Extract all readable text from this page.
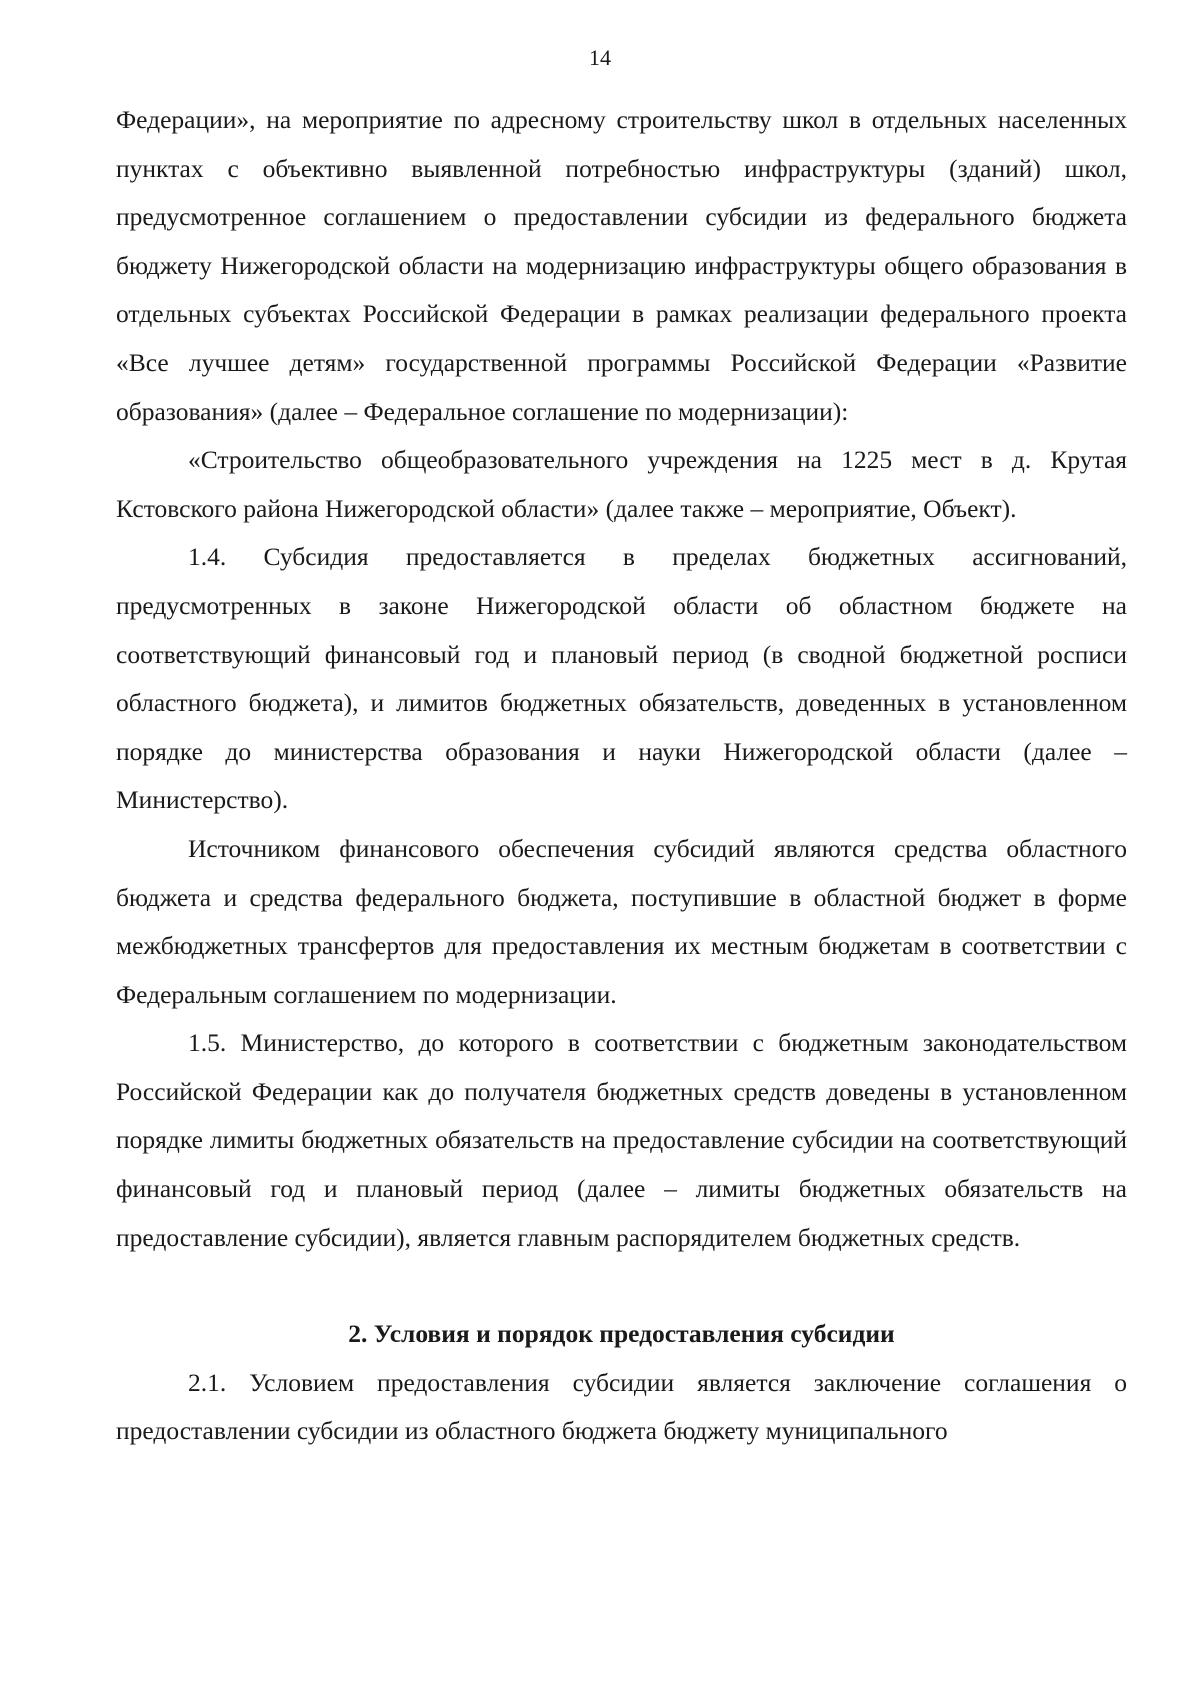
14

Федерации», на мероприятие по адресному строительству школ в отдельных населенных пунктах с объективно выявленной потребностью инфраструктуры (зданий) школ, предусмотренное соглашением о предоставлении субсидии из федерального бюджета бюджету Нижегородской области на модернизацию инфраструктуры общего образования в отдельных субъектах Российской Федерации в рамках реализации федерального проекта «Все лучшее детям» государственной программы Российской Федерации «Развитие образования» (далее – Федеральное соглашение по модернизации):

«Строительство общеобразовательного учреждения на 1225 мест в д. Крутая Кстовского района Нижегородской области» (далее также – мероприятие, Объект).

1.4. Субсидия предоставляется в пределах бюджетных ассигнований, предусмотренных в законе Нижегородской области об областном бюджете на соответствующий финансовый год и плановый период (в сводной бюджетной росписи областного бюджета), и лимитов бюджетных обязательств, доведенных в установленном порядке до министерства образования и науки Нижегородской области (далее – Министерство).

Источником финансового обеспечения субсидий являются средства областного бюджета и средства федерального бюджета, поступившие в областной бюджет в форме межбюджетных трансфертов для предоставления их местным бюджетам в соответствии с Федеральным соглашением по модернизации.

1.5. Министерство, до которого в соответствии с бюджетным законодательством Российской Федерации как до получателя бюджетных средств доведены в установленном порядке лимиты бюджетных обязательств на предоставление субсидии на соответствующий финансовый год и плановый период (далее – лимиты бюджетных обязательств на предоставление субсидии), является главным распорядителем бюджетных средств.

2. Условия и порядок предоставления субсидии

2.1. Условием предоставления субсидии является заключение соглашения о предоставлении субсидии из областного бюджета бюджету муниципального
